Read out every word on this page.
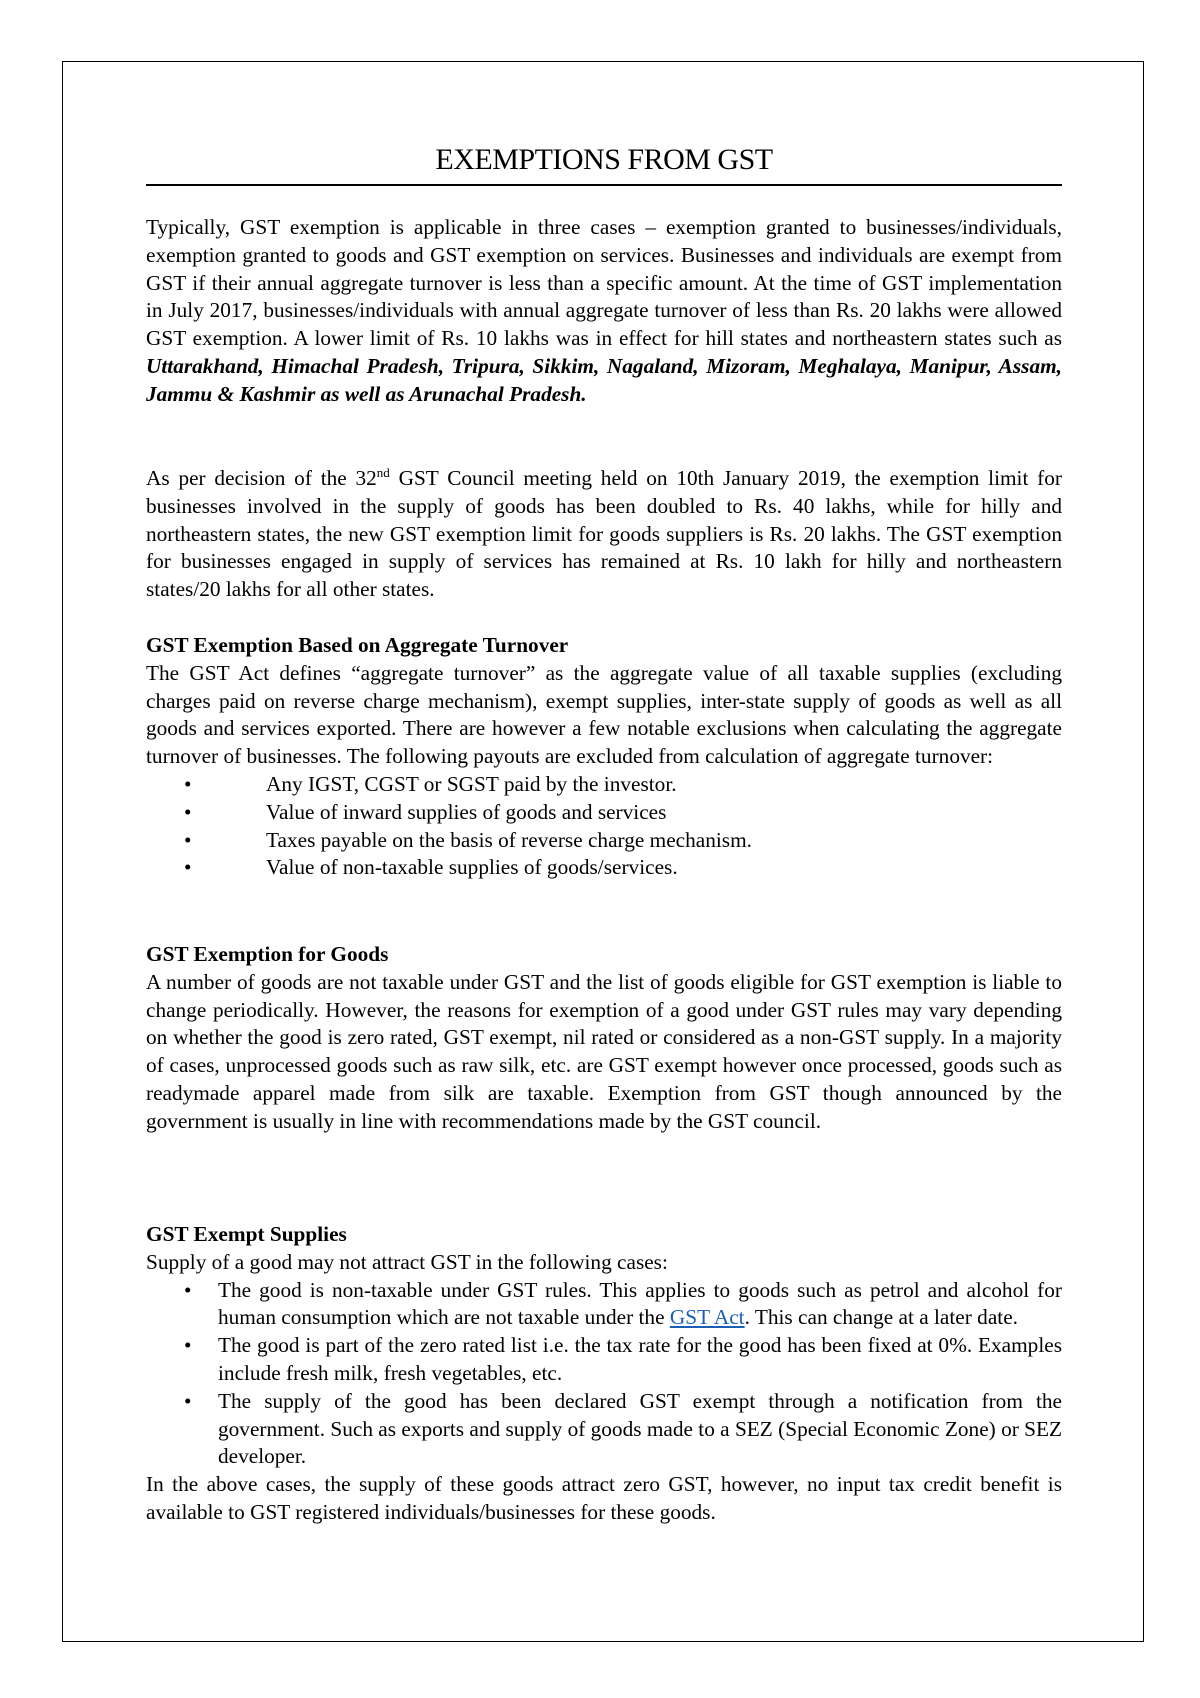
EXEMPTIONS FROM GST
Typically, GST exemption is applicable in three cases – exemption granted to businesses/individuals, exemption granted to goods and GST exemption on services. Businesses and individuals are exempt from GST if their annual aggregate turnover is less than a specific amount. At the time of GST implementation in July 2017, businesses/individuals with annual aggregate turnover of less than Rs. 20 lakhs were allowed GST exemption. A lower limit of Rs. 10 lakhs was in effect for hill states and northeastern states such as Uttarakhand, Himachal Pradesh, Tripura, Sikkim, Nagaland, Mizoram, Meghalaya, Manipur, Assam, Jammu & Kashmir as well as Arunachal Pradesh.
As per decision of the 32nd GST Council meeting held on 10th January 2019, the exemption limit for businesses involved in the supply of goods has been doubled to Rs. 40 lakhs, while for hilly and northeastern states, the new GST exemption limit for goods suppliers is Rs. 20 lakhs. The GST exemption for businesses engaged in supply of services has remained at Rs. 10 lakh for hilly and northeastern states/20 lakhs for all other states.

GST Exemption Based on Aggregate Turnover

The GST Act defines “aggregate turnover” as the aggregate value of all taxable supplies (excluding charges paid on reverse charge mechanism), exempt supplies, inter-state supply of goods as well as all goods and services exported. There are however a few notable exclusions when calculating the aggregate turnover of businesses. The following payouts are excluded from calculation of aggregate turnover:

•	Any IGST, CGST or SGST paid by the investor.
•	Value of inward supplies of goods and services
•	Taxes payable on the basis of reverse charge mechanism.
•	Value of non-taxable supplies of goods/services.

GST Exemption for Goods

A number of goods are not taxable under GST and the list of goods eligible for GST exemption is liable to change periodically. However, the reasons for exemption of a good under GST rules may vary depending on whether the good is zero rated, GST exempt, nil rated or considered as a non-GST supply. In a majority of cases, unprocessed goods such as raw silk, etc. are GST exempt however once processed, goods such as readymade apparel made from silk are taxable. Exemption from GST though announced by the government is usually in line with recommendations made by the GST council.

GST Exempt Supplies

Supply of a good may not attract GST in the following cases:

• The good is non-taxable under GST rules. This applies to goods such as petrol and alcohol for human consumption which are not taxable under the GST Act. This can change at a later date.
• The good is part of the zero rated list i.e. the tax rate for the good has been fixed at 0%. Examples include fresh milk, fresh vegetables, etc.
• The supply of the good has been declared GST exempt through a notification from the government. Such as exports and supply of goods made to a SEZ (Special Economic Zone) or SEZ developer.

In the above cases, the supply of these goods attract zero GST, however, no input tax credit benefit is available to GST registered individuals/businesses for these goods.
